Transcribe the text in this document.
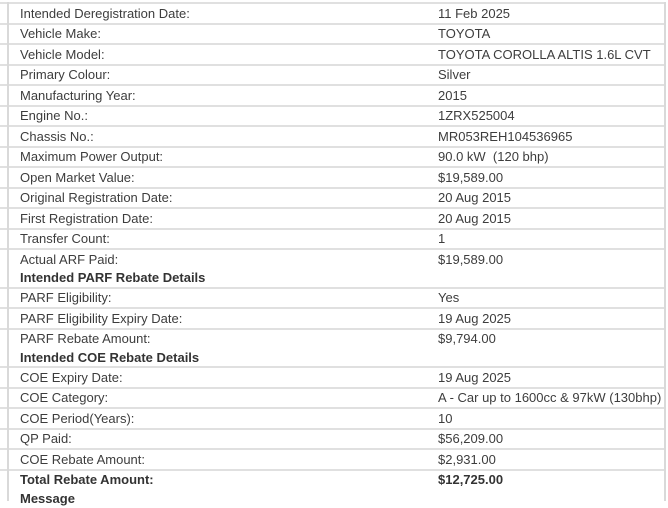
Intended Deregistration Date:	11 Feb 2025
Vehicle Make:	TOYOTA
Vehicle Model:	TOYOTA COROLLA ALTIS 1.6L CVT
Primary Colour:	Silver
Manufacturing Year:	2015
Engine No.:	1ZRX525004
Chassis No.:	MR053REH104536965
Maximum Power Output:	90.0 kW  (120 bhp)
Open Market Value:	$19,589.00
Original Registration Date:	20 Aug 2015
First Registration Date:	20 Aug 2015
Transfer Count:	1
Actual ARF Paid:	$19,589.00
Intended PARF Rebate Details
PARF Eligibility:	Yes
PARF Eligibility Expiry Date:	19 Aug 2025
PARF Rebate Amount:	$9,794.00
Intended COE Rebate Details
COE Expiry Date:	19 Aug 2025
COE Category:	A - Car up to 1600cc & 97kW (130bhp)
COE Period(Years):	10
QP Paid:	$56,209.00
COE Rebate Amount:	$2,931.00
Total Rebate Amount:	$12,725.00
Message
